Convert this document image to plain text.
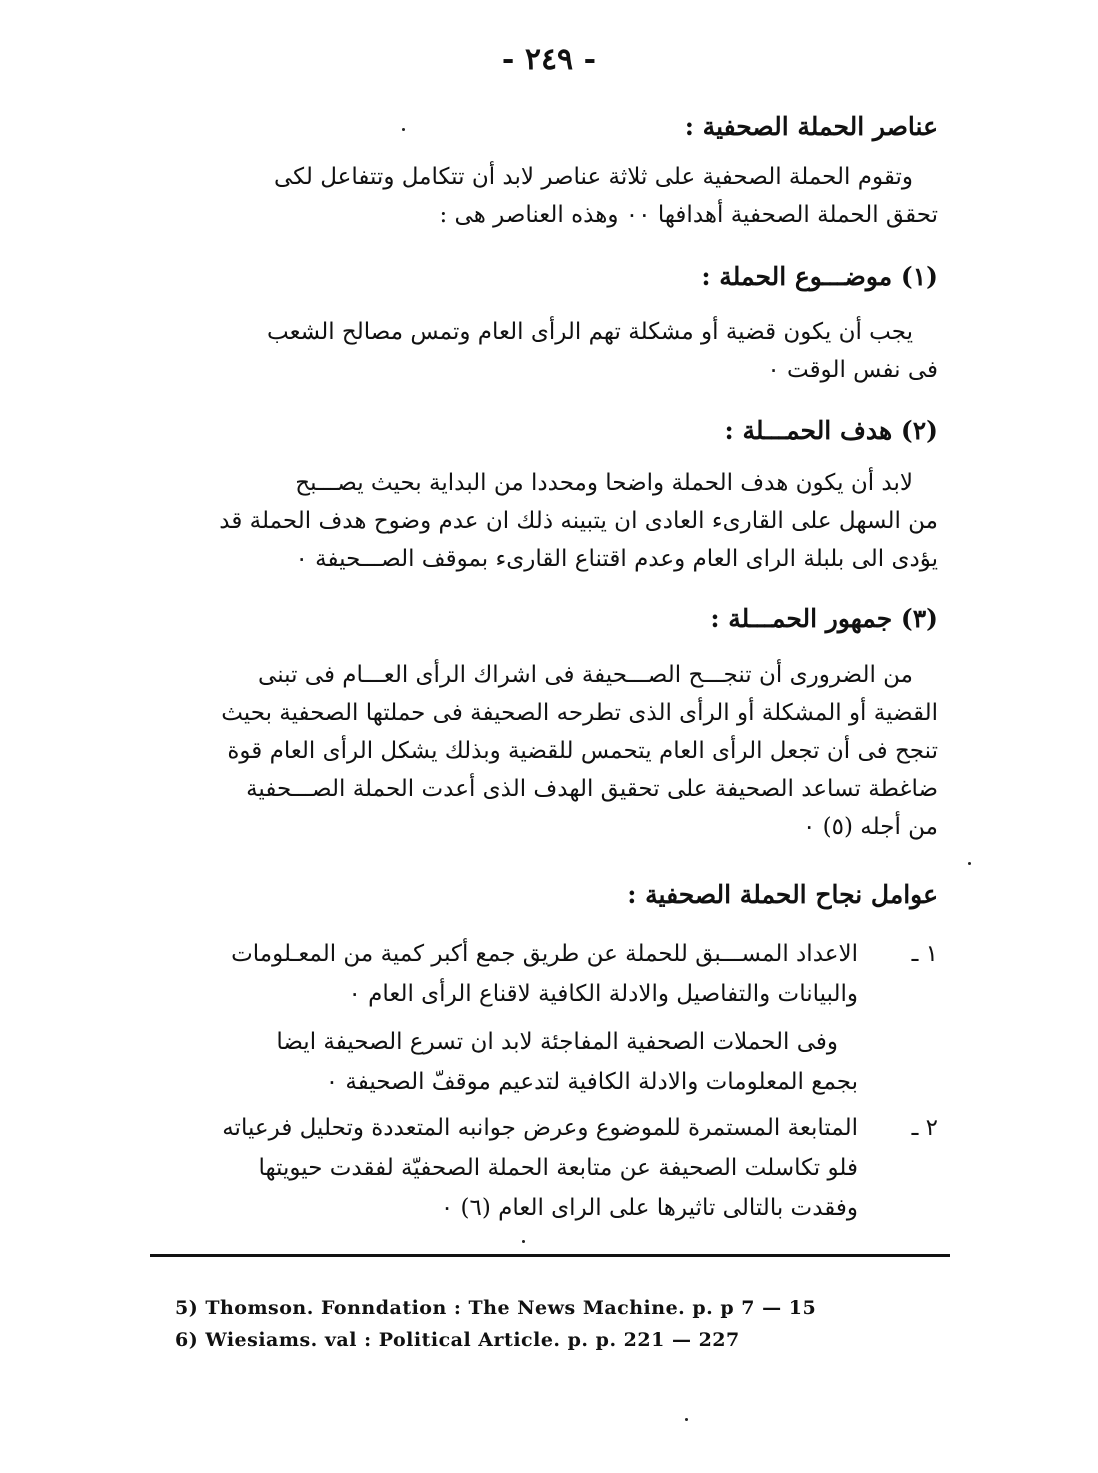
- ٢٤٩ -
عناصر الحملة الصحفية :
وتقوم الحملة الصحفية على ثلاثة عناصر لابد أن تتكامل وتتفاعل لكى
تحقق الحملة الصحفية أهدافها ٠٠ وهذه العناصر هى :
(١) موضـــوع الحملة :
يجب أن يكون قضية أو مشكلة تهم الرأى العام وتمس مصالح الشعب
فى نفس الوقت ٠
(٢) هدف الحمـــلة :
لابد أن يكون هدف الحملة واضحا ومحددا من البداية بحيث يصـــبح
من السهل على القارىء العادى ان يتبينه ذلك ان عدم وضوح هدف الحملة قد
يؤدى الى بلبلة الراى العام وعدم اقتناع القارىء بموقف الصـــحيفة ٠
(٣) جمهور الحمـــلة :
من الضرورى أن تنجـــح الصـــحيفة فى اشراك الرأى العـــام فى تبنى
القضية أو المشكلة أو الرأى الذى تطرحه الصحيفة فى حملتها الصحفية بحيث
تنجح فى أن تجعل الرأى العام يتحمس للقضية وبذلك يشكل الرأى العام قوة
ضاغطة تساعد الصحيفة على تحقيق الهدف الذى أعدت الحملة الصـــحفية
من أجله (٥) ٠
عوامل نجاح الحملة الصحفية :
١ ـ
الاعداد المســـبق للحملة عن طريق جمع أكبر كمية من المعـلومات
والبيانات والتفاصيل والادلة الكافية لاقناع الرأى العام ٠
وفى الحملات الصحفية المفاجئة لابد ان تسرع الصحيفة ايضا
بجمع المعلومات والادلة الكافية لتدعيم موقفّ الصحيفة ٠
٢ ـ
المتابعة المستمرة للموضوع وعرض جوانبه المتعددة وتحليل فرعياته
فلو تكاسلت الصحيفة عن متابعة الحملة الصحفيّة لفقدت حيويتها
وفقدت بالتالى تاثيرها على الراى العام (٦) ٠
5) Thomson. Fonndation : The News Machine. p. p 7 — 15
6) Wiesiams. val : Political Article. p. p. 221 — 227
